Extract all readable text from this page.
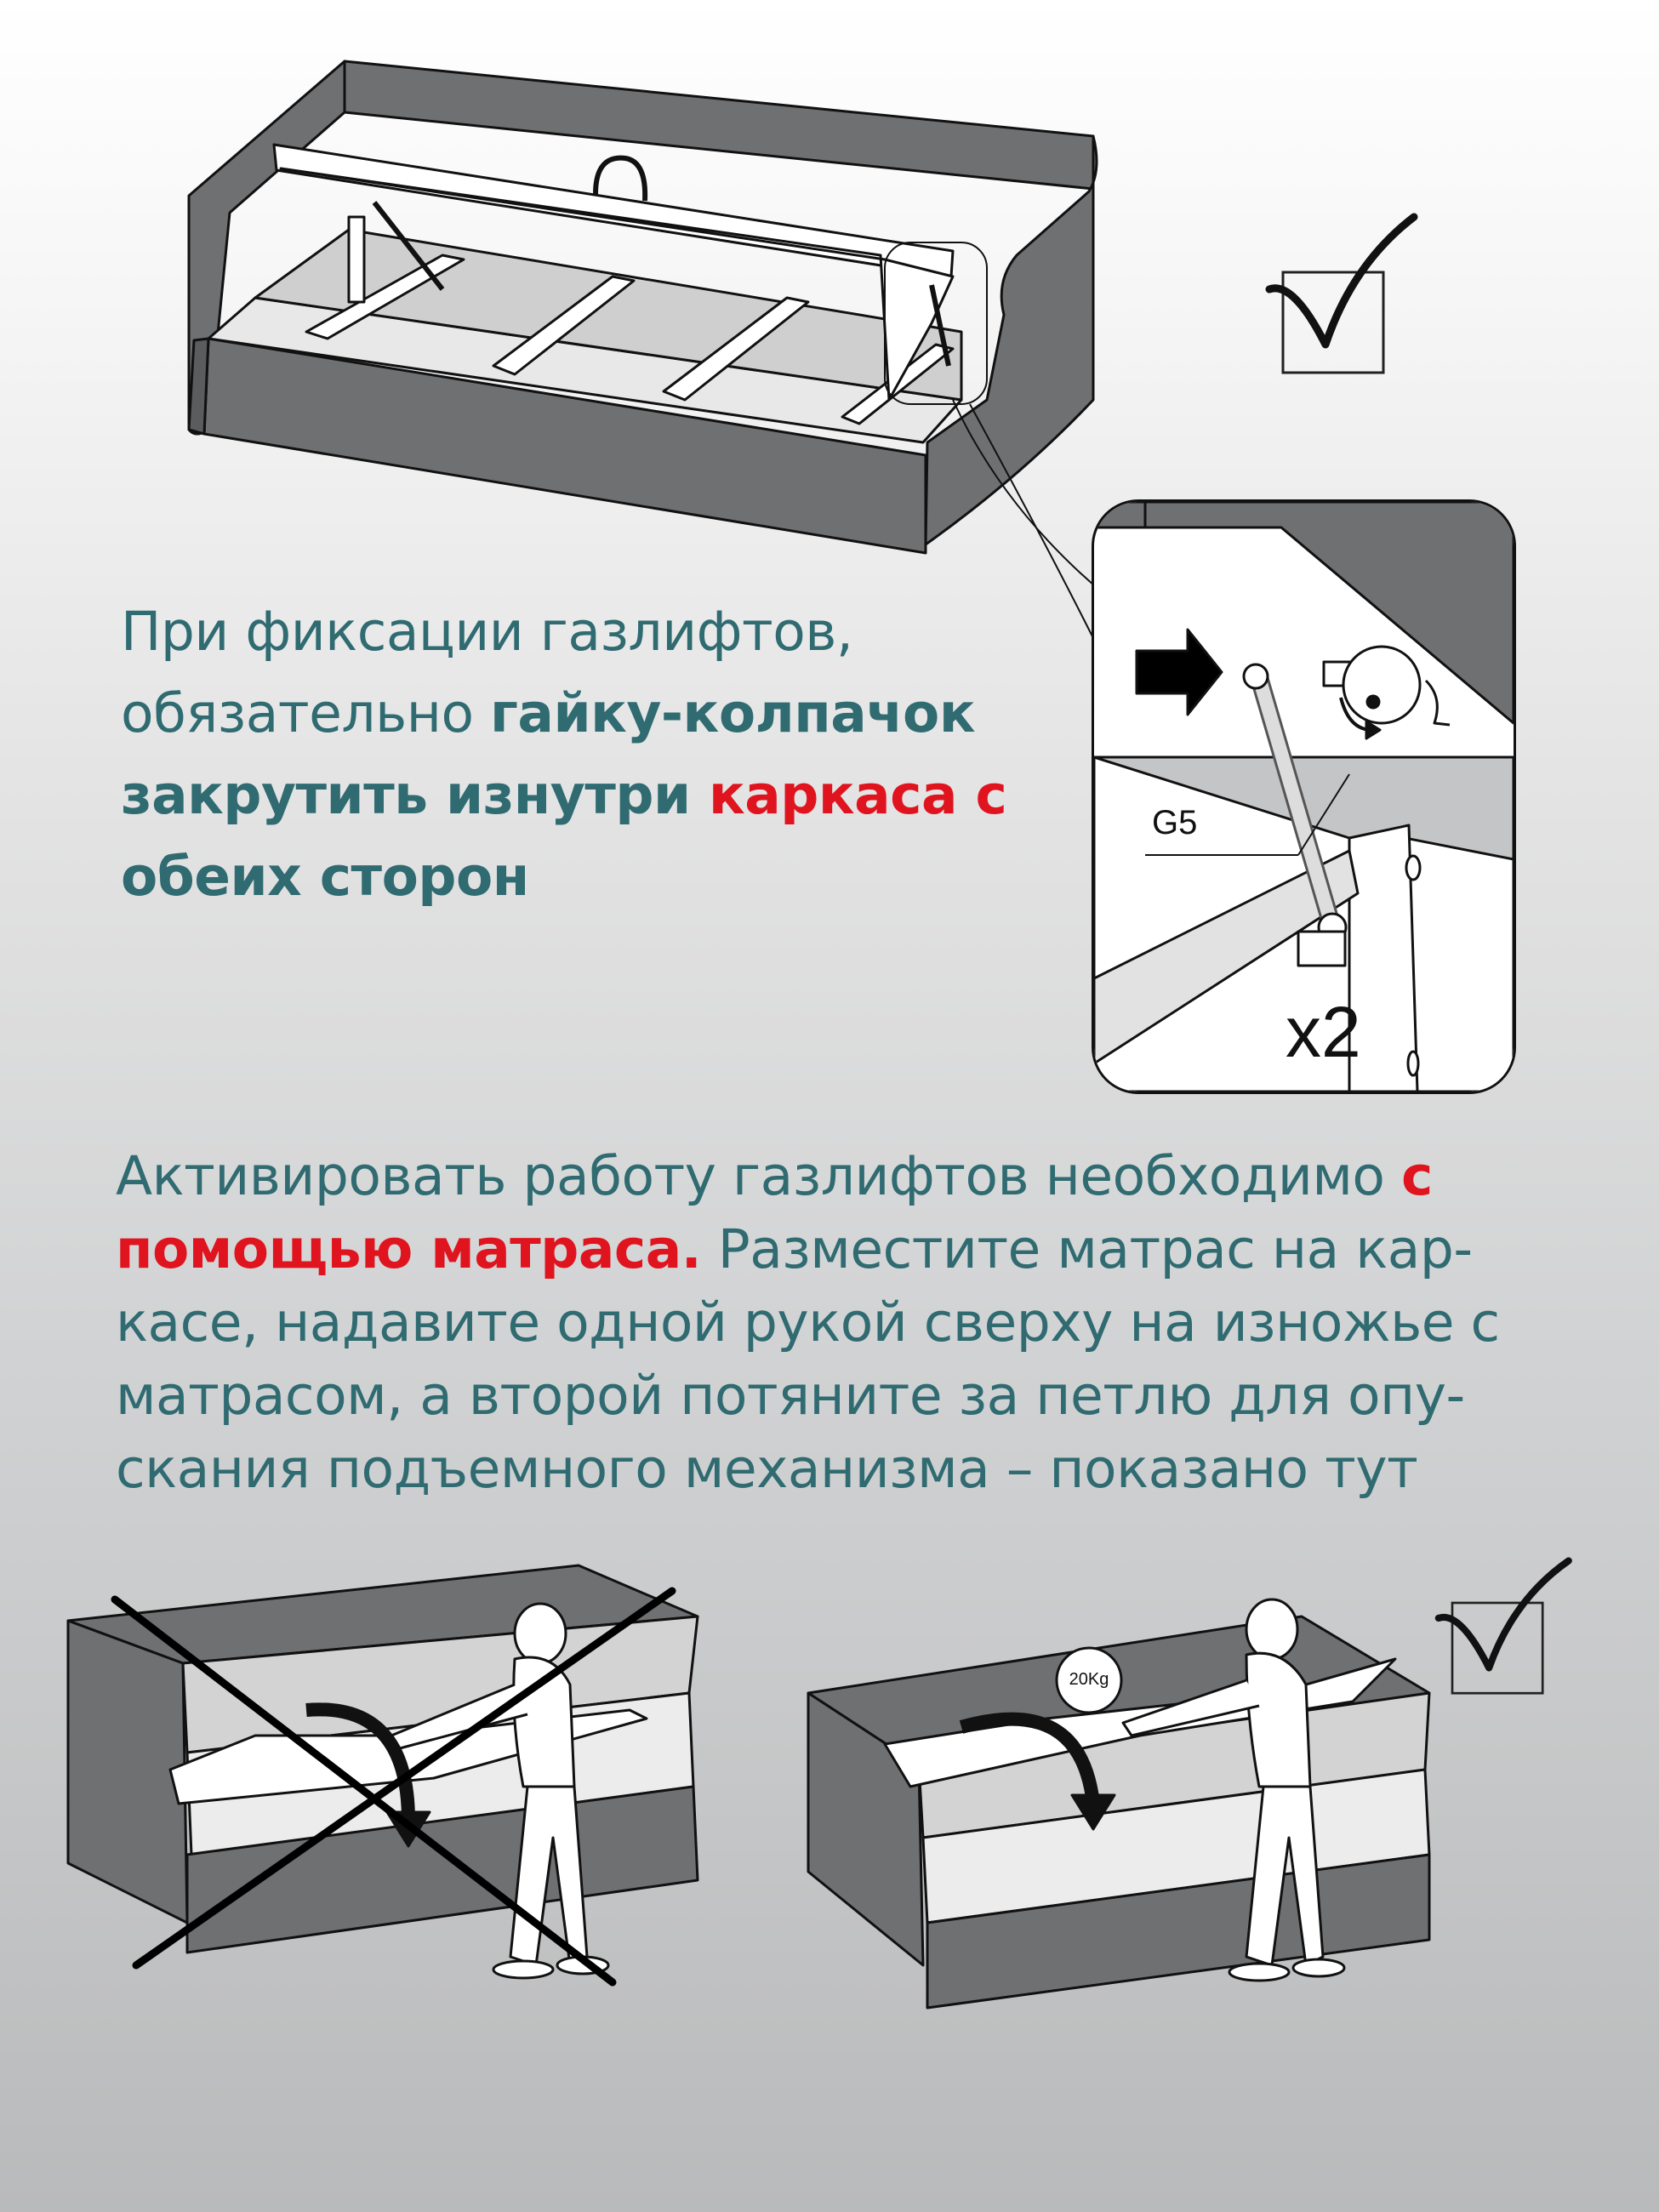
При фиксации газлифтов, обязательно гайку-колпачок закрутить изнутри каркаса с обеих сторон
G5
x2
Активировать работу газлифтов необходимо с помощью матраса. Разместите матрас на кар-касе, надавите одной рукой сверху на изножье с матрасом, а второй потяните за петлю для опу-скания подъемного механизма – показано тут
20Kg
